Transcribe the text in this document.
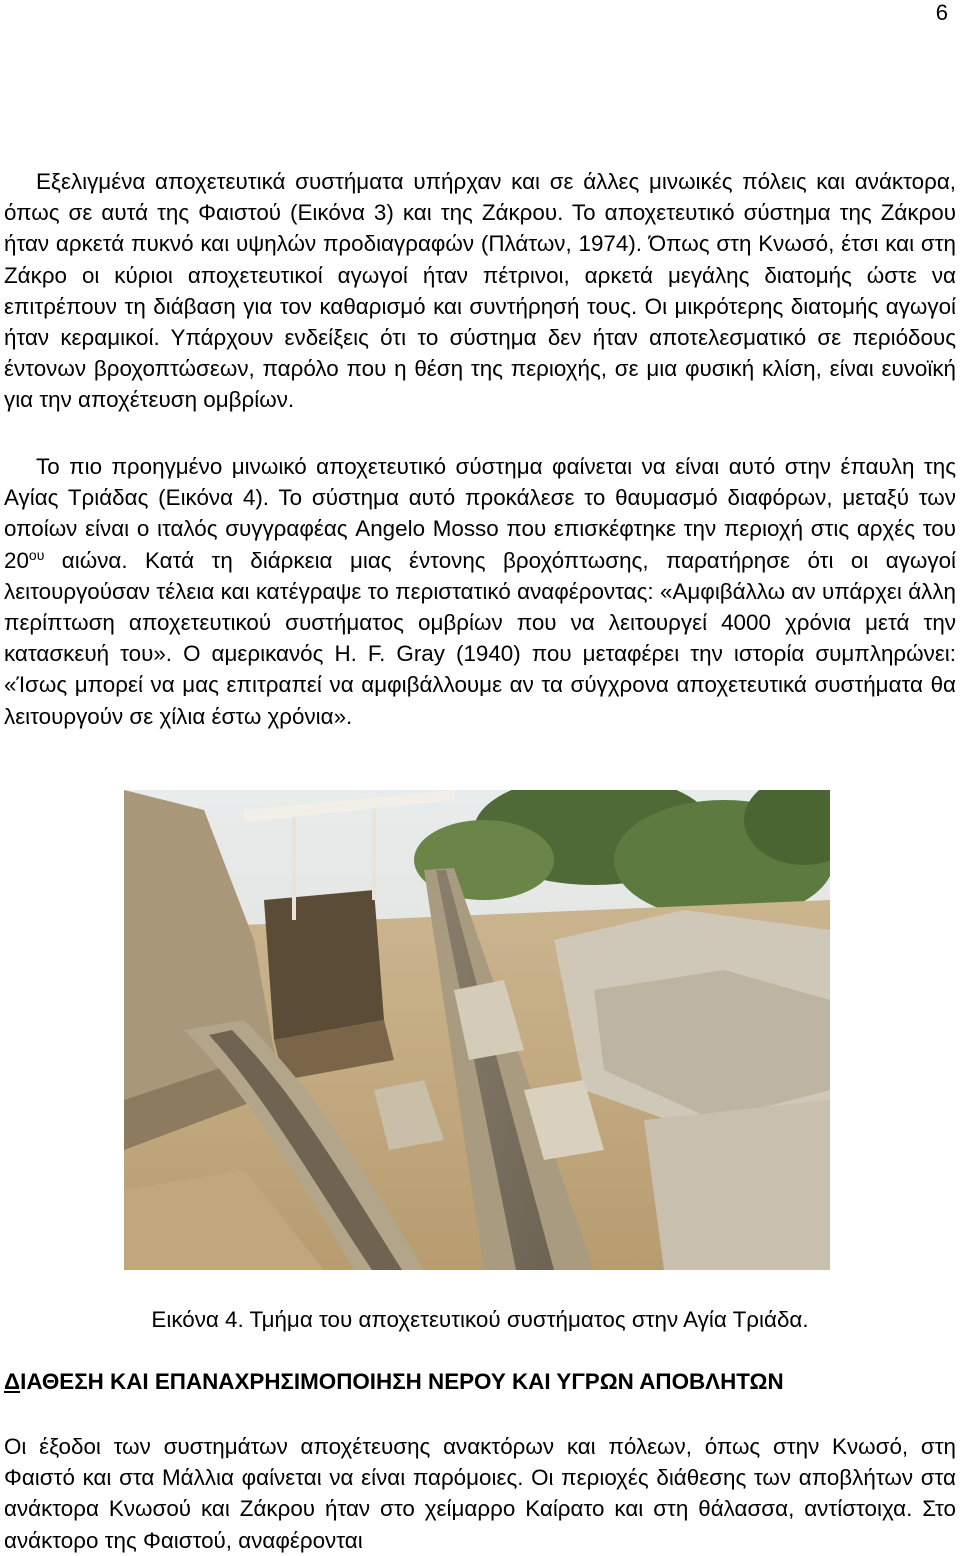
6
Εξελιγμένα αποχετευτικά συστήματα υπήρχαν και σε άλλες μινωικές πόλεις και ανάκτορα, όπως σε αυτά της Φαιστού (Εικόνα 3) και της Ζάκρου. Το αποχετευτικό σύστημα της Ζάκρου ήταν αρκετά πυκνό και υψηλών προδιαγραφών (Πλάτων, 1974). Όπως στη Κνωσό, έτσι και στη Ζάκρο οι κύριοι αποχετευτικοί αγωγοί ήταν πέτρινοι, αρκετά μεγάλης διατομής ώστε να επιτρέπουν τη διάβαση για τον καθαρισμό και συντήρησή τους. Οι μικρότερης διατομής αγωγοί ήταν κεραμικοί. Υπάρχουν ενδείξεις ότι το σύστημα δεν ήταν αποτελεσματικό σε περιόδους έντονων βροχοπτώσεων, παρόλο που η θέση της περιοχής, σε μια φυσική κλίση, είναι ευνοϊκή για την αποχέτευση ομβρίων.
Το πιο προηγμένο μινωικό αποχετευτικό σύστημα φαίνεται να είναι αυτό στην έπαυλη της Αγίας Τριάδας (Εικόνα 4). Το σύστημα αυτό προκάλεσε το θαυμασμό διαφόρων, μεταξύ των οποίων είναι ο ιταλός συγγραφέας Angelo Mosso που επισκέφτηκε την περιοχή στις αρχές του $20^{o\upsilon}$ αιώνα. Κατά τη διάρκεια μιας έντονης βροχόπτωσης, παρατήρησε ότι οι αγωγοί λειτουργούσαν τέλεια και κατέγραψε το περιστατικό αναφέροντας: «Αμφιβάλλω αν υπάρχει άλλη περίπτωση αποχετευτικού συστήματος ομβρίων που να λειτουργεί 4000 χρόνια μετά την κατασκευή του». Ο αμερικανός H. F. Gray (1940) που μεταφέρει την ιστορία συμπληρώνει: «Ίσως μπορεί να μας επιτραπεί να αμφιβάλλουμε αν τα σύγχρονα αποχετευτικά συστήματα θα λειτουργούν σε χίλια έστω χρόνια».
Εικόνα 4. Τμήμα του αποχετευτικού συστήματος στην Αγία Τριάδα.
ΔΙΑΘΕΣΗ ΚΑΙ ΕΠΑΝΑΧΡΗΣΙΜΟΠΟΙΗΣΗ ΝΕΡΟΥ ΚΑΙ ΥΓΡΩΝ ΑΠΟΒΛΗΤΩΝ
Οι έξοδοι των συστημάτων αποχέτευσης ανακτόρων και πόλεων, όπως στην Κνωσό, στη Φαιστό και στα Μάλλια φαίνεται να είναι παρόμοιες. Οι περιοχές διάθεσης των αποβλήτων στα ανάκτορα Κνωσού και Ζάκρου ήταν στο χείμαρρο Καίρατο και στη θάλασσα, αντίστοιχα. Στο ανάκτορο της Φαιστού, αναφέρονται
